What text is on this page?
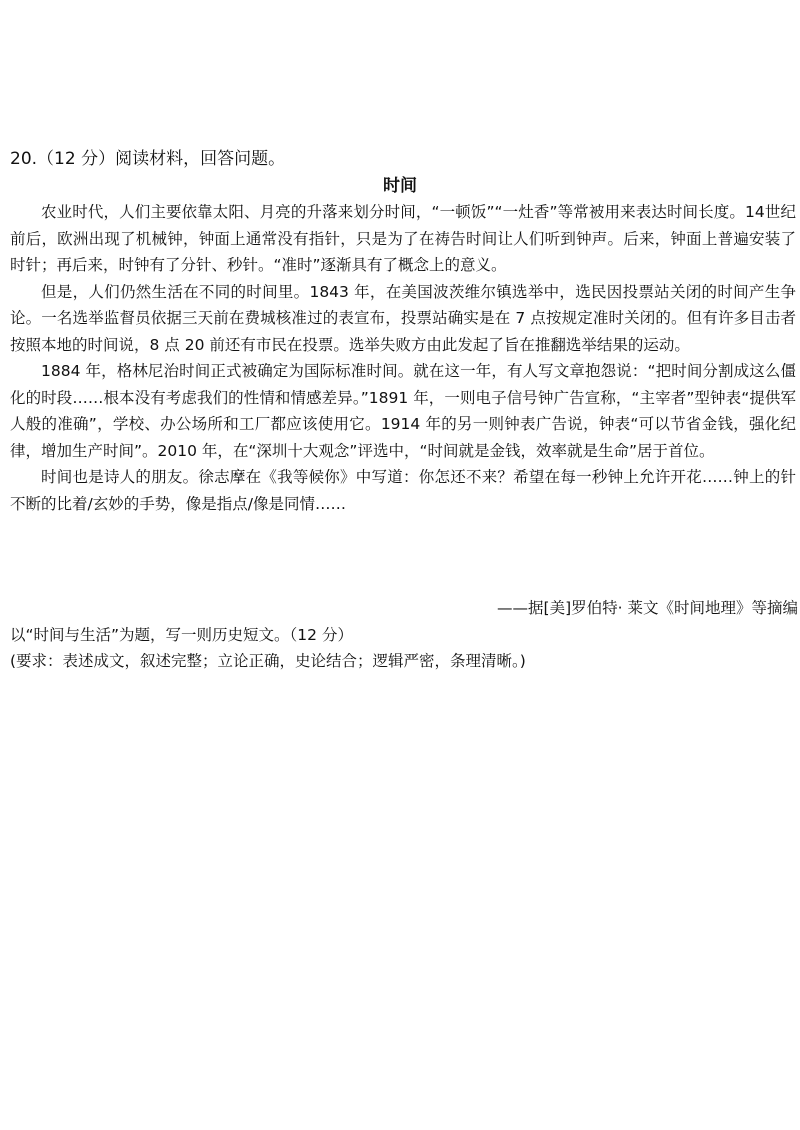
20.（12 分）阅读材料，回答问题。
时间

农业时代，人们主要依靠太阳、月亮的升落来划分时间，“一顿饭”“一灶香”等常被用来表达时间长度。14世纪前后，欧洲出现了机械钟，钟面上通常没有指针，只是为了在祷告时间让人们听到钟声。后来，钟面上普遍安装了时针；再后来，时钟有了分针、秒针。“准时”逐渐具有了概念上的意义。

但是，人们仍然生活在不同的时间里。1843 年，在美国波茨维尔镇选举中，选民因投票站关闭的时间产生争论。一名选举监督员依据三天前在费城核准过的表宣布，投票站确实是在 7 点按规定准时关闭的。但有许多目击者按照本地的时间说，8 点 20 前还有市民在投票。选举失败方由此发起了旨在推翻选举结果的运动。

1884 年，格林尼治时间正式被确定为国际标准时间。就在这一年，有人写文章抱怨说：“把时间分割成这么僵化的时段……根本没有考虑我们的性情和情感差异。”1891 年，一则电子信号钟广告宣称，“主宰者”型钟表“提供军人般的准确”，学校、办公场所和工厂都应该使用它。1914 年的另一则钟表广告说，钟表“可以节省金钱，强化纪律，增加生产时间”。2010 年，在“深圳十大观念”评选中，“时间就是金钱，效率就是生命”居于首位。

时间也是诗人的朋友。徐志摩在《我等候你》中写道：你怎还不来？希望在每一秒钟上允许开花……钟上的针不断的比着/玄妙的手势，像是指点/像是同情……

——据[美]罗伯特· 莱文《时间地理》等摘编
以“时间与生活”为题，写一则历史短文。（12 分）
(要求：表述成文，叙述完整；立论正确，史论结合；逻辑严密，条理清晰。)
